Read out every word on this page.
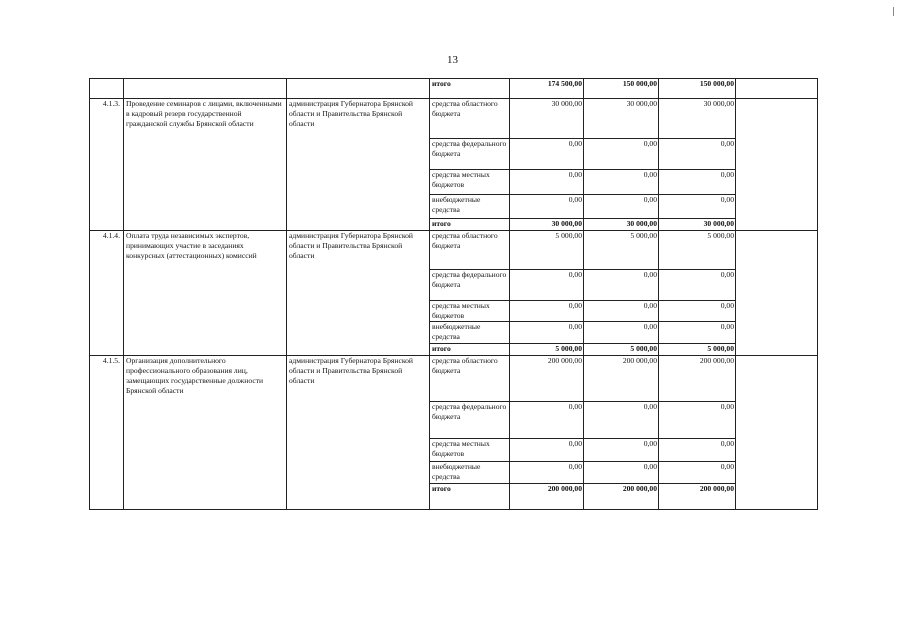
13
			итого	174 500,00	150 000,00	150 000,00	
4.1.3.	Проведение семинаров с лицами, включенными в кадровый резерв государственной гражданской службы Брянской области	администрация Губернатора Брянской области и Правительства Брянской области	средства областного бюджета	30 000,00	30 000,00	30 000,00	
			средства федерального бюджета	0,00	0,00	0,00	
			средства местных бюджетов	0,00	0,00	0,00	
			внебюджетные средства	0,00	0,00	0,00	
			итого	30 000,00	30 000,00	30 000,00	
4.1.4.	Оплата труда независимых экспертов, принимающих участие в заседаниях конкурсных (аттестационных) комиссий	администрация Губернатора Брянской области и Правительства Брянской области	средства областного бюджета	5 000,00	5 000,00	5 000,00	
			средства федерального бюджета	0,00	0,00	0,00	
			средства местных бюджетов	0,00	0,00	0,00	
			внебюджетные средства	0,00	0,00	0,00	
			итого	5 000,00	5 000,00	5 000,00	
4.1.5.	Организация дополнительного профессионального образования лиц, замещающих государственные должности Брянской области	администрация Губернатора Брянской области и Правительства Брянской области	средства областного бюджета	200 000,00	200 000,00	200 000,00	
			средства федерального бюджета	0,00	0,00	0,00	
			средства местных бюджетов	0,00	0,00	0,00	
			внебюджетные средства	0,00	0,00	0,00	
			итого	200 000,00	200 000,00	200 000,00	
